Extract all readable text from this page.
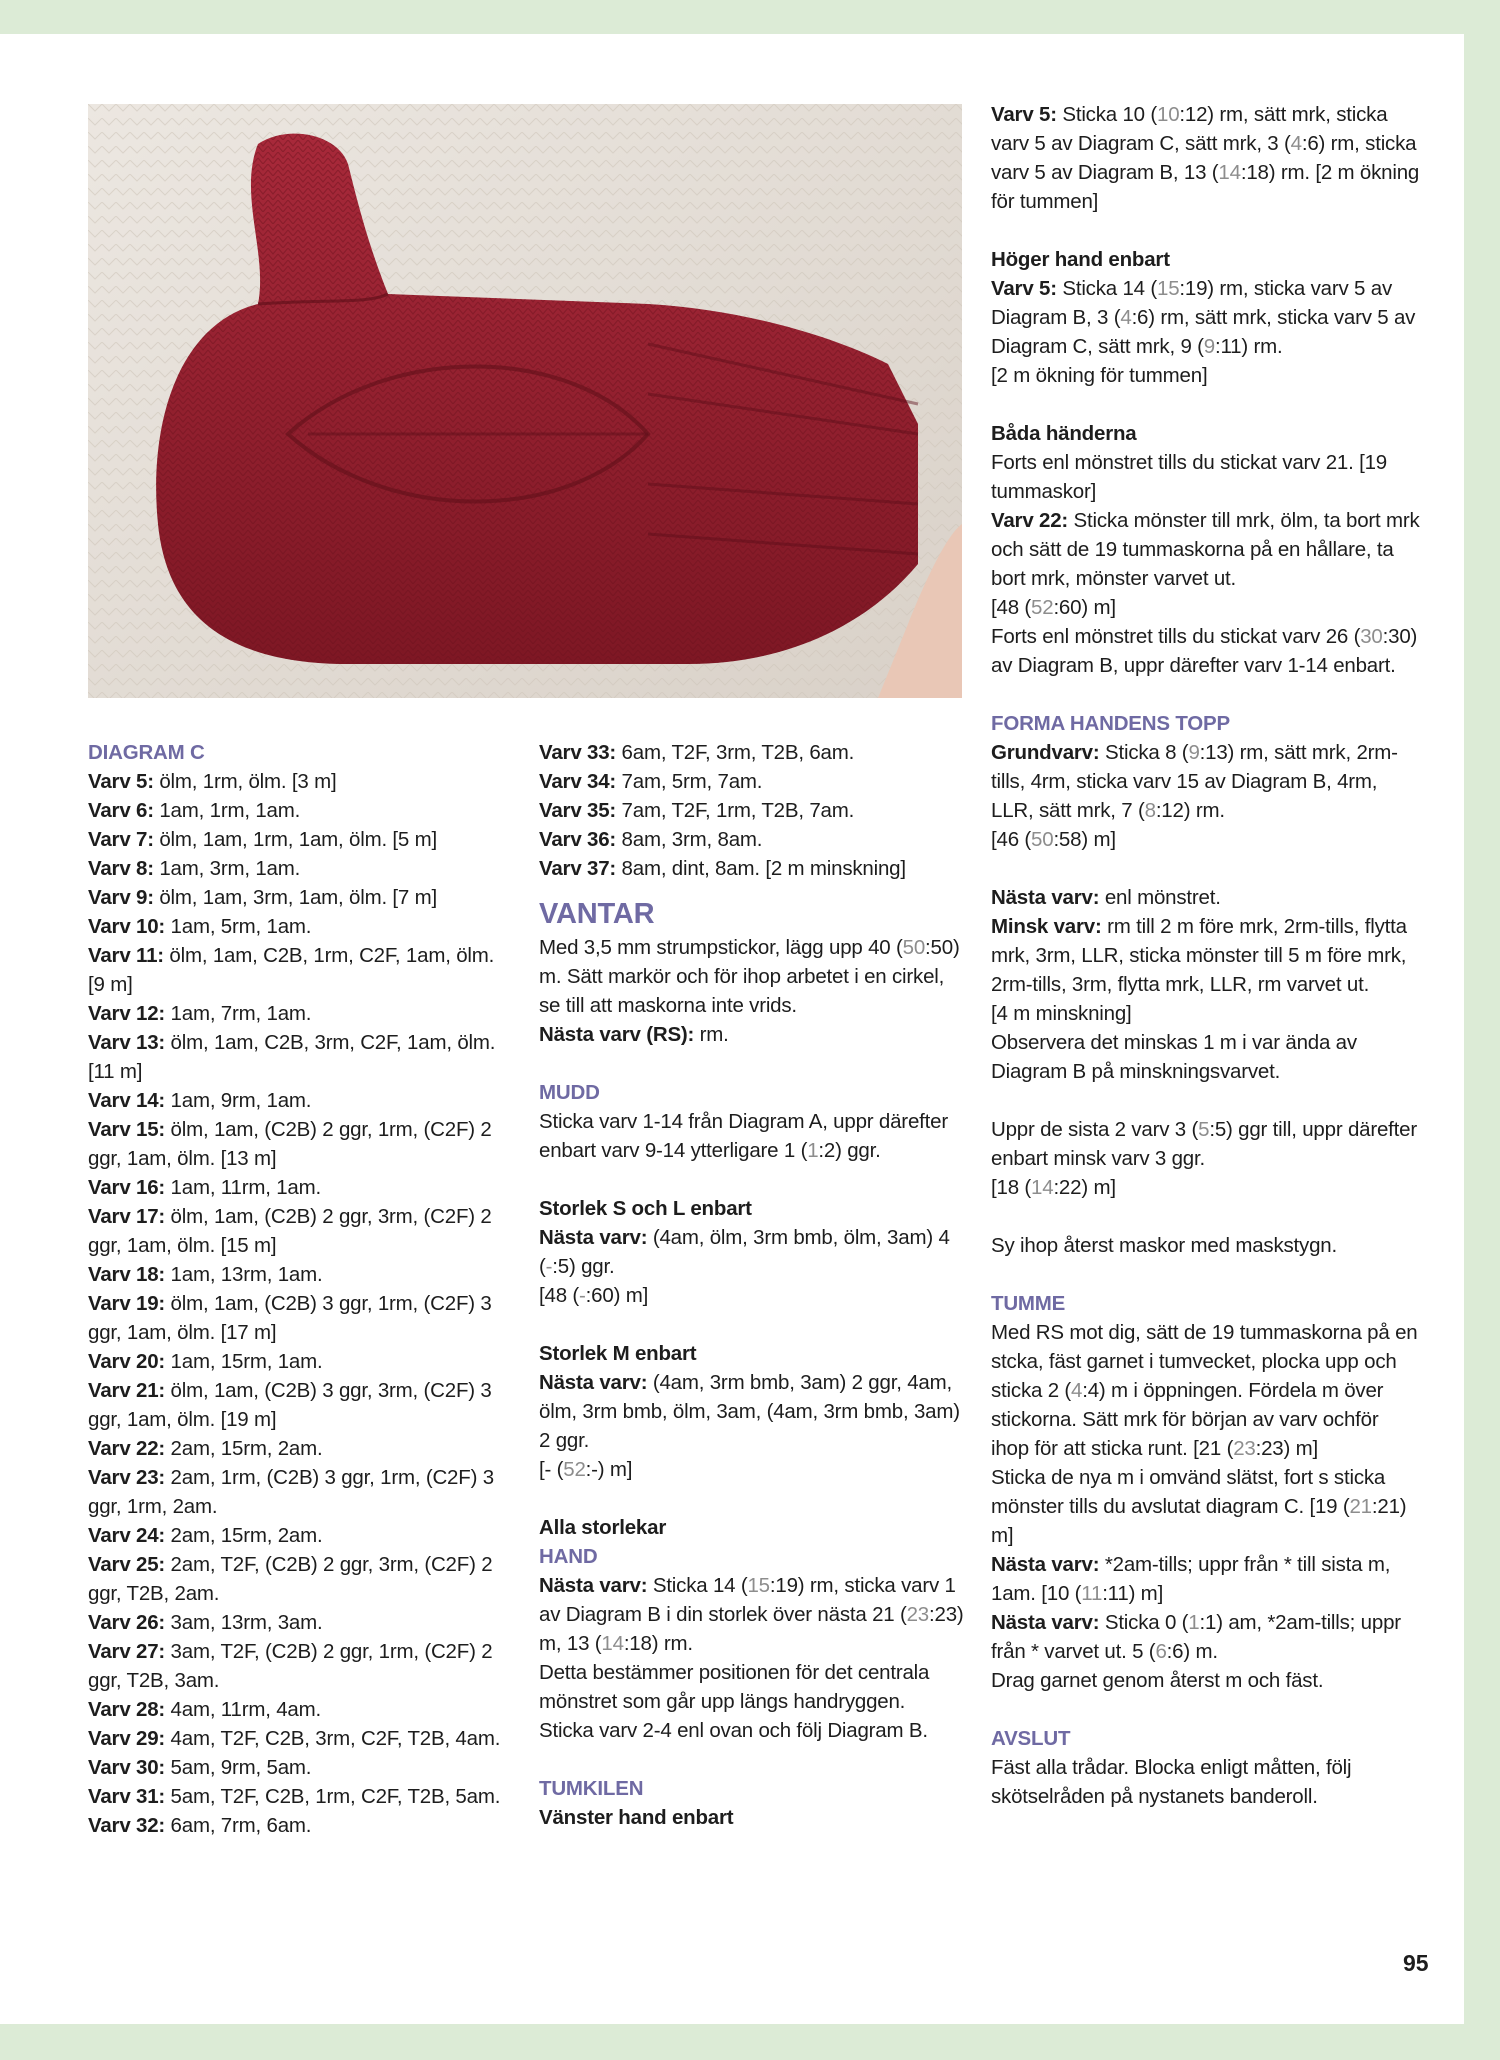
DIAGRAM C

Varv 5: ölm, 1rm, ölm. [3 m]

Varv 6: 1am, 1rm, 1am.

Varv 7: ölm, 1am, 1rm, 1am, ölm. [5 m]

Varv 8: 1am, 3rm, 1am.

Varv 9: ölm, 1am, 3rm, 1am, ölm. [7 m]

Varv 10: 1am, 5rm, 1am.

Varv 11: ölm, 1am, C2B, 1rm, C2F, 1am, ölm. [9 m]

Varv 12: 1am, 7rm, 1am.

Varv 13: ölm, 1am, C2B, 3rm, C2F, 1am, ölm. [11 m]

Varv 14: 1am, 9rm, 1am.

Varv 15: ölm, 1am, (C2B) 2 ggr, 1rm, (C2F) 2 ggr, 1am, ölm. [13 m]

Varv 16: 1am, 11rm, 1am.

Varv 17: ölm, 1am, (C2B) 2 ggr, 3rm, (C2F) 2 ggr, 1am, ölm. [15 m]

Varv 18: 1am, 13rm, 1am.

Varv 19: ölm, 1am, (C2B) 3 ggr, 1rm, (C2F) 3 ggr, 1am, ölm. [17 m]

Varv 20: 1am, 15rm, 1am.

Varv 21: ölm, 1am, (C2B) 3 ggr, 3rm, (C2F) 3 ggr, 1am, ölm. [19 m]

Varv 22: 2am, 15rm, 2am.

Varv 23: 2am, 1rm, (C2B) 3 ggr, 1rm, (C2F) 3 ggr, 1rm, 2am.

Varv 24: 2am, 15rm, 2am.

Varv 25: 2am, T2F, (C2B) 2 ggr, 3rm, (C2F) 2 ggr, T2B, 2am.

Varv 26: 3am, 13rm, 3am.

Varv 27: 3am, T2F, (C2B) 2 ggr, 1rm, (C2F) 2 ggr, T2B, 3am.

Varv 28: 4am, 11rm, 4am.

Varv 29: 4am, T2F, C2B, 3rm, C2F, T2B, 4am.

Varv 30: 5am, 9rm, 5am.

Varv 31: 5am, T2F, C2B, 1rm, C2F, T2B, 5am.

Varv 32: 6am, 7rm, 6am.

Varv 33: 6am, T2F, 3rm, T2B, 6am.

Varv 34: 7am, 5rm, 7am.

Varv 35: 7am, T2F, 1rm, T2B, 7am.

Varv 36: 8am, 3rm, 8am.

Varv 37: 8am, dint, 8am. [2 m minskning]

VANTAR

Med 3,5 mm strumpstickor, lägg upp 40 (50:50) m. Sätt markör och för ihop arbetet i en cirkel, se till att maskorna inte vrids.

Nästa varv (RS): rm.

MUDD

Sticka varv 1-14 från Diagram A, uppr därefter enbart varv 9-14 ytterligare 1 (1:2) ggr.

Storlek S och L enbart

Nästa varv: (4am, ölm, 3rm bmb, ölm, 3am) 4 (-:5) ggr.

[48 (-:60) m]

Storlek M enbart

Nästa varv: (4am, 3rm bmb, 3am) 2 ggr, 4am, ölm, 3rm bmb, ölm, 3am, (4am, 3rm bmb, 3am) 2 ggr.

[- (52:-) m]

Alla storlekar

HAND

Nästa varv: Sticka 14 (15:19) rm, sticka varv 1 av Diagram B i din storlek över nästa 21 (23:23) m, 13 (14:18) rm.

Detta bestämmer positionen för det centrala mönstret som går upp längs handryggen.

Sticka varv 2-4 enl ovan och följ Diagram B.

TUMKILEN

Vänster hand enbart

Varv 5: Sticka 10 (10:12) rm, sätt mrk, sticka varv 5 av Diagram C, sätt mrk, 3 (4:6) rm, sticka varv 5 av Diagram B, 13 (14:18) rm. [2 m ökning för tummen]

Höger hand enbart

Varv 5: Sticka 14 (15:19) rm, sticka varv 5 av Diagram B, 3 (4:6) rm, sätt mrk, sticka varv 5 av Diagram C, sätt mrk, 9 (9:11) rm.

[2 m ökning för tummen]

Båda händerna

Forts enl mönstret tills du stickat varv 21. [19 tummaskor]

Varv 22: Sticka mönster till mrk, ölm, ta bort mrk och sätt de 19 tummaskorna på en hållare, ta bort mrk, mönster varvet ut.

[48 (52:60) m]

Forts enl mönstret tills du stickat varv 26 (30:30) av Diagram B, uppr därefter varv 1-14 enbart.

FORMA HANDENS TOPP

Grundvarv: Sticka 8 (9:13) rm, sätt mrk, 2rm-tills, 4rm, sticka varv 15 av Diagram B, 4rm, LLR, sätt mrk, 7 (8:12) rm.

[46 (50:58) m]

Nästa varv: enl mönstret.

Minsk varv: rm till 2 m före mrk, 2rm-tills, flytta mrk, 3rm, LLR, sticka mönster till 5 m före mrk, 2rm-tills, 3rm, flytta mrk, LLR, rm varvet ut.

[4 m minskning]

Observera det minskas 1 m i var ända av Diagram B på minskningsvarvet.

Uppr de sista 2 varv 3 (5:5) ggr till, uppr därefter enbart minsk varv 3 ggr.

[18 (14:22) m]

Sy ihop återst maskor med maskstygn.

TUMME

Med RS mot dig, sätt de 19 tummaskorna på en stcka, fäst garnet i tumvecket, plocka upp och sticka 2 (4:4) m i öppningen. Fördela m över stickorna. Sätt mrk för början av varv ochför ihop för att sticka runt. [21 (23:23) m]

Sticka de nya m i omvänd slätst, fort s sticka mönster tills du avslutat diagram C. [19 (21:21) m]

Nästa varv: *2am-tills; uppr från * till sista m, 1am. [10 (11:11) m]

Nästa varv: Sticka 0 (1:1) am, *2am-tills; uppr från * varvet ut. 5 (6:6) m.

Drag garnet genom återst m och fäst.

AVSLUT

Fäst alla trådar. Blocka enligt måtten, följ skötselråden på nystanets banderoll.

95
